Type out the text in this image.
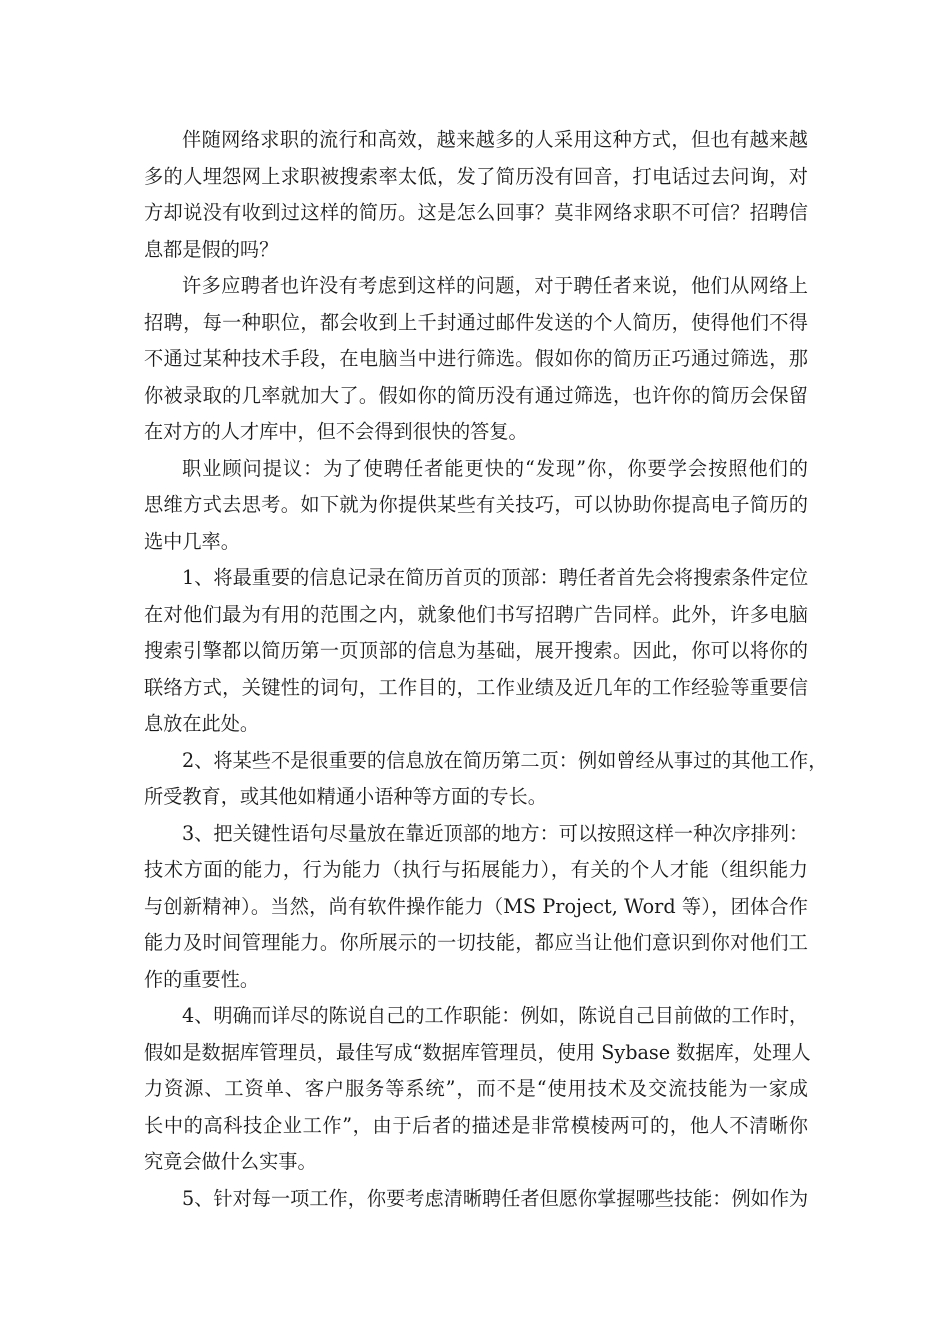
伴随网络求职的流行和高效，越来越多的人采用这种方式，但也有越来越
多的人埋怨网上求职被搜索率太低，发了简历没有回音，打电话过去问询，对
方却说没有收到过这样的简历。这是怎么回事？莫非网络求职不可信？招聘信
息都是假的吗？
许多应聘者也许没有考虑到这样的问题，对于聘任者来说，他们从网络上
招聘，每一种职位，都会收到上千封通过邮件发送的个人简历，使得他们不得
不通过某种技术手段，在电脑当中进行筛选。假如你的简历正巧通过筛选，那
你被录取的几率就加大了。假如你的简历没有通过筛选，也许你的简历会保留
在对方的人才库中，但不会得到很快的答复。
职业顾问提议：为了使聘任者能更快的“发现”你，你要学会按照他们的
思维方式去思考。如下就为你提供某些有关技巧，可以协助你提高电子简历的
选中几率。
1、将最重要的信息记录在简历首页的顶部：聘任者首先会将搜索条件定位
在对他们最为有用的范围之内，就象他们书写招聘广告同样。此外，许多电脑
搜索引擎都以简历第一页顶部的信息为基础，展开搜索。因此，你可以将你的
联络方式，关键性的词句，工作目的，工作业绩及近几年的工作经验等重要信
息放在此处。
2、将某些不是很重要的信息放在简历第二页：例如曾经从事过的其他工作，
所受教育，或其他如精通小语种等方面的专长。
3、把关键性语句尽量放在靠近顶部的地方：可以按照这样一种次序排列：
技术方面的能力，行为能力（执行与拓展能力），有关的个人才能（组织能力
与创新精神）。当然，尚有软件操作能力（MS Project, Word 等），团体合作
能力及时间管理能力。你所展示的一切技能，都应当让他们意识到你对他们工
作的重要性。
4、明确而详尽的陈说自己的工作职能：例如，陈说自己目前做的工作时，
假如是数据库管理员，最佳写成“数据库管理员，使用 Sybase 数据库，处理人
力资源、工资单、客户服务等系统”，而不是“使用技术及交流技能为一家成
长中的高科技企业工作”，由于后者的描述是非常模棱两可的，他人不清晰你
究竟会做什么实事。
5、针对每一项工作，你要考虑清晰聘任者但愿你掌握哪些技能：例如作为
